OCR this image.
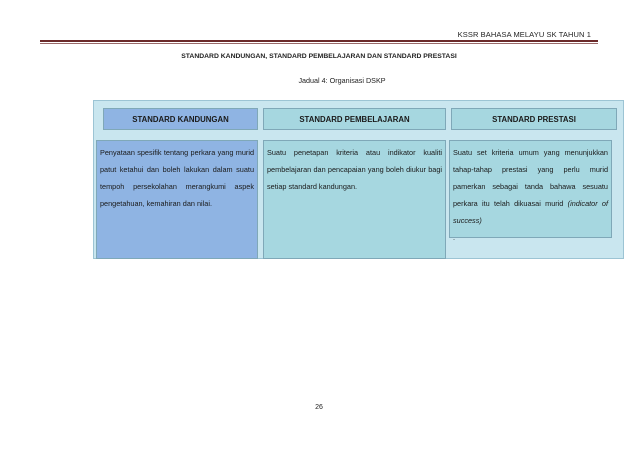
KSSR BAHASA MELAYU SK TAHUN 1
STANDARD KANDUNGAN, STANDARD PEMBELAJARAN DAN STANDARD PRESTASI
Jadual 4: Organisasi DSKP
STANDARD KANDUNGAN	STANDARD PEMBELAJARAN	STANDARD PRESTASI
Penyataan spesifik tentang perkara yang murid patut ketahui dan boleh lakukan dalam suatu tempoh persekolahan merangkumi aspek pengetahuan, kemahiran dan nilai.
Suatu penetapan kriteria atau indikator kualiti pembelajaran dan pencapaian yang boleh diukur bagi setiap standard kandungan.
Suatu set kriteria umum yang menunjukkan tahap-tahap prestasi yang perlu murid pamerkan sebagai tanda bahawa sesuatu perkara itu telah dikuasai murid (indicator of success)
.
26
